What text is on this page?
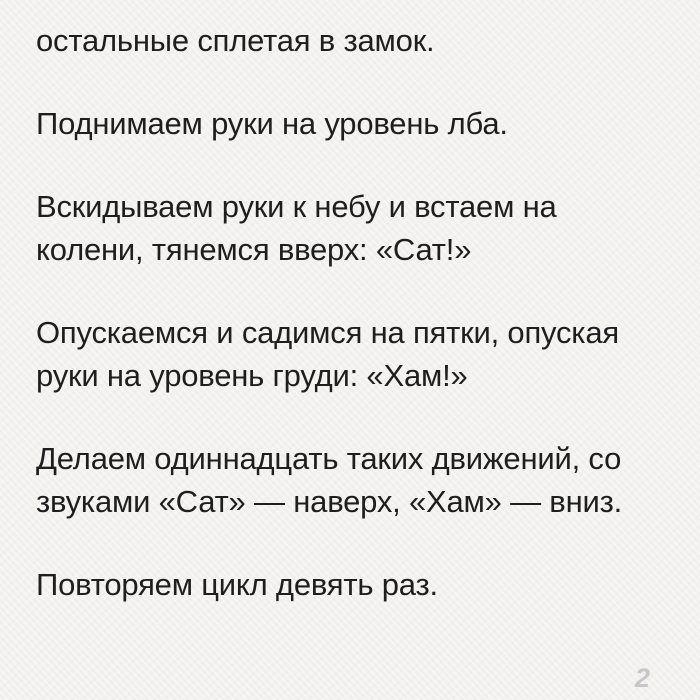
остальные сплетая в замок.

Поднимаем руки на уровень лба.

Вскидываем руки к небу и встаем на
колени, тянемся вверх: «Сат!»

Опускаемся и садимся на пятки, опуская
руки на уровень груди: «Хам!»

Делаем одиннадцать таких движений, со
звуками «Сат» — наверх, «Хам» — вниз.

Повторяем цикл девять раз.

2
